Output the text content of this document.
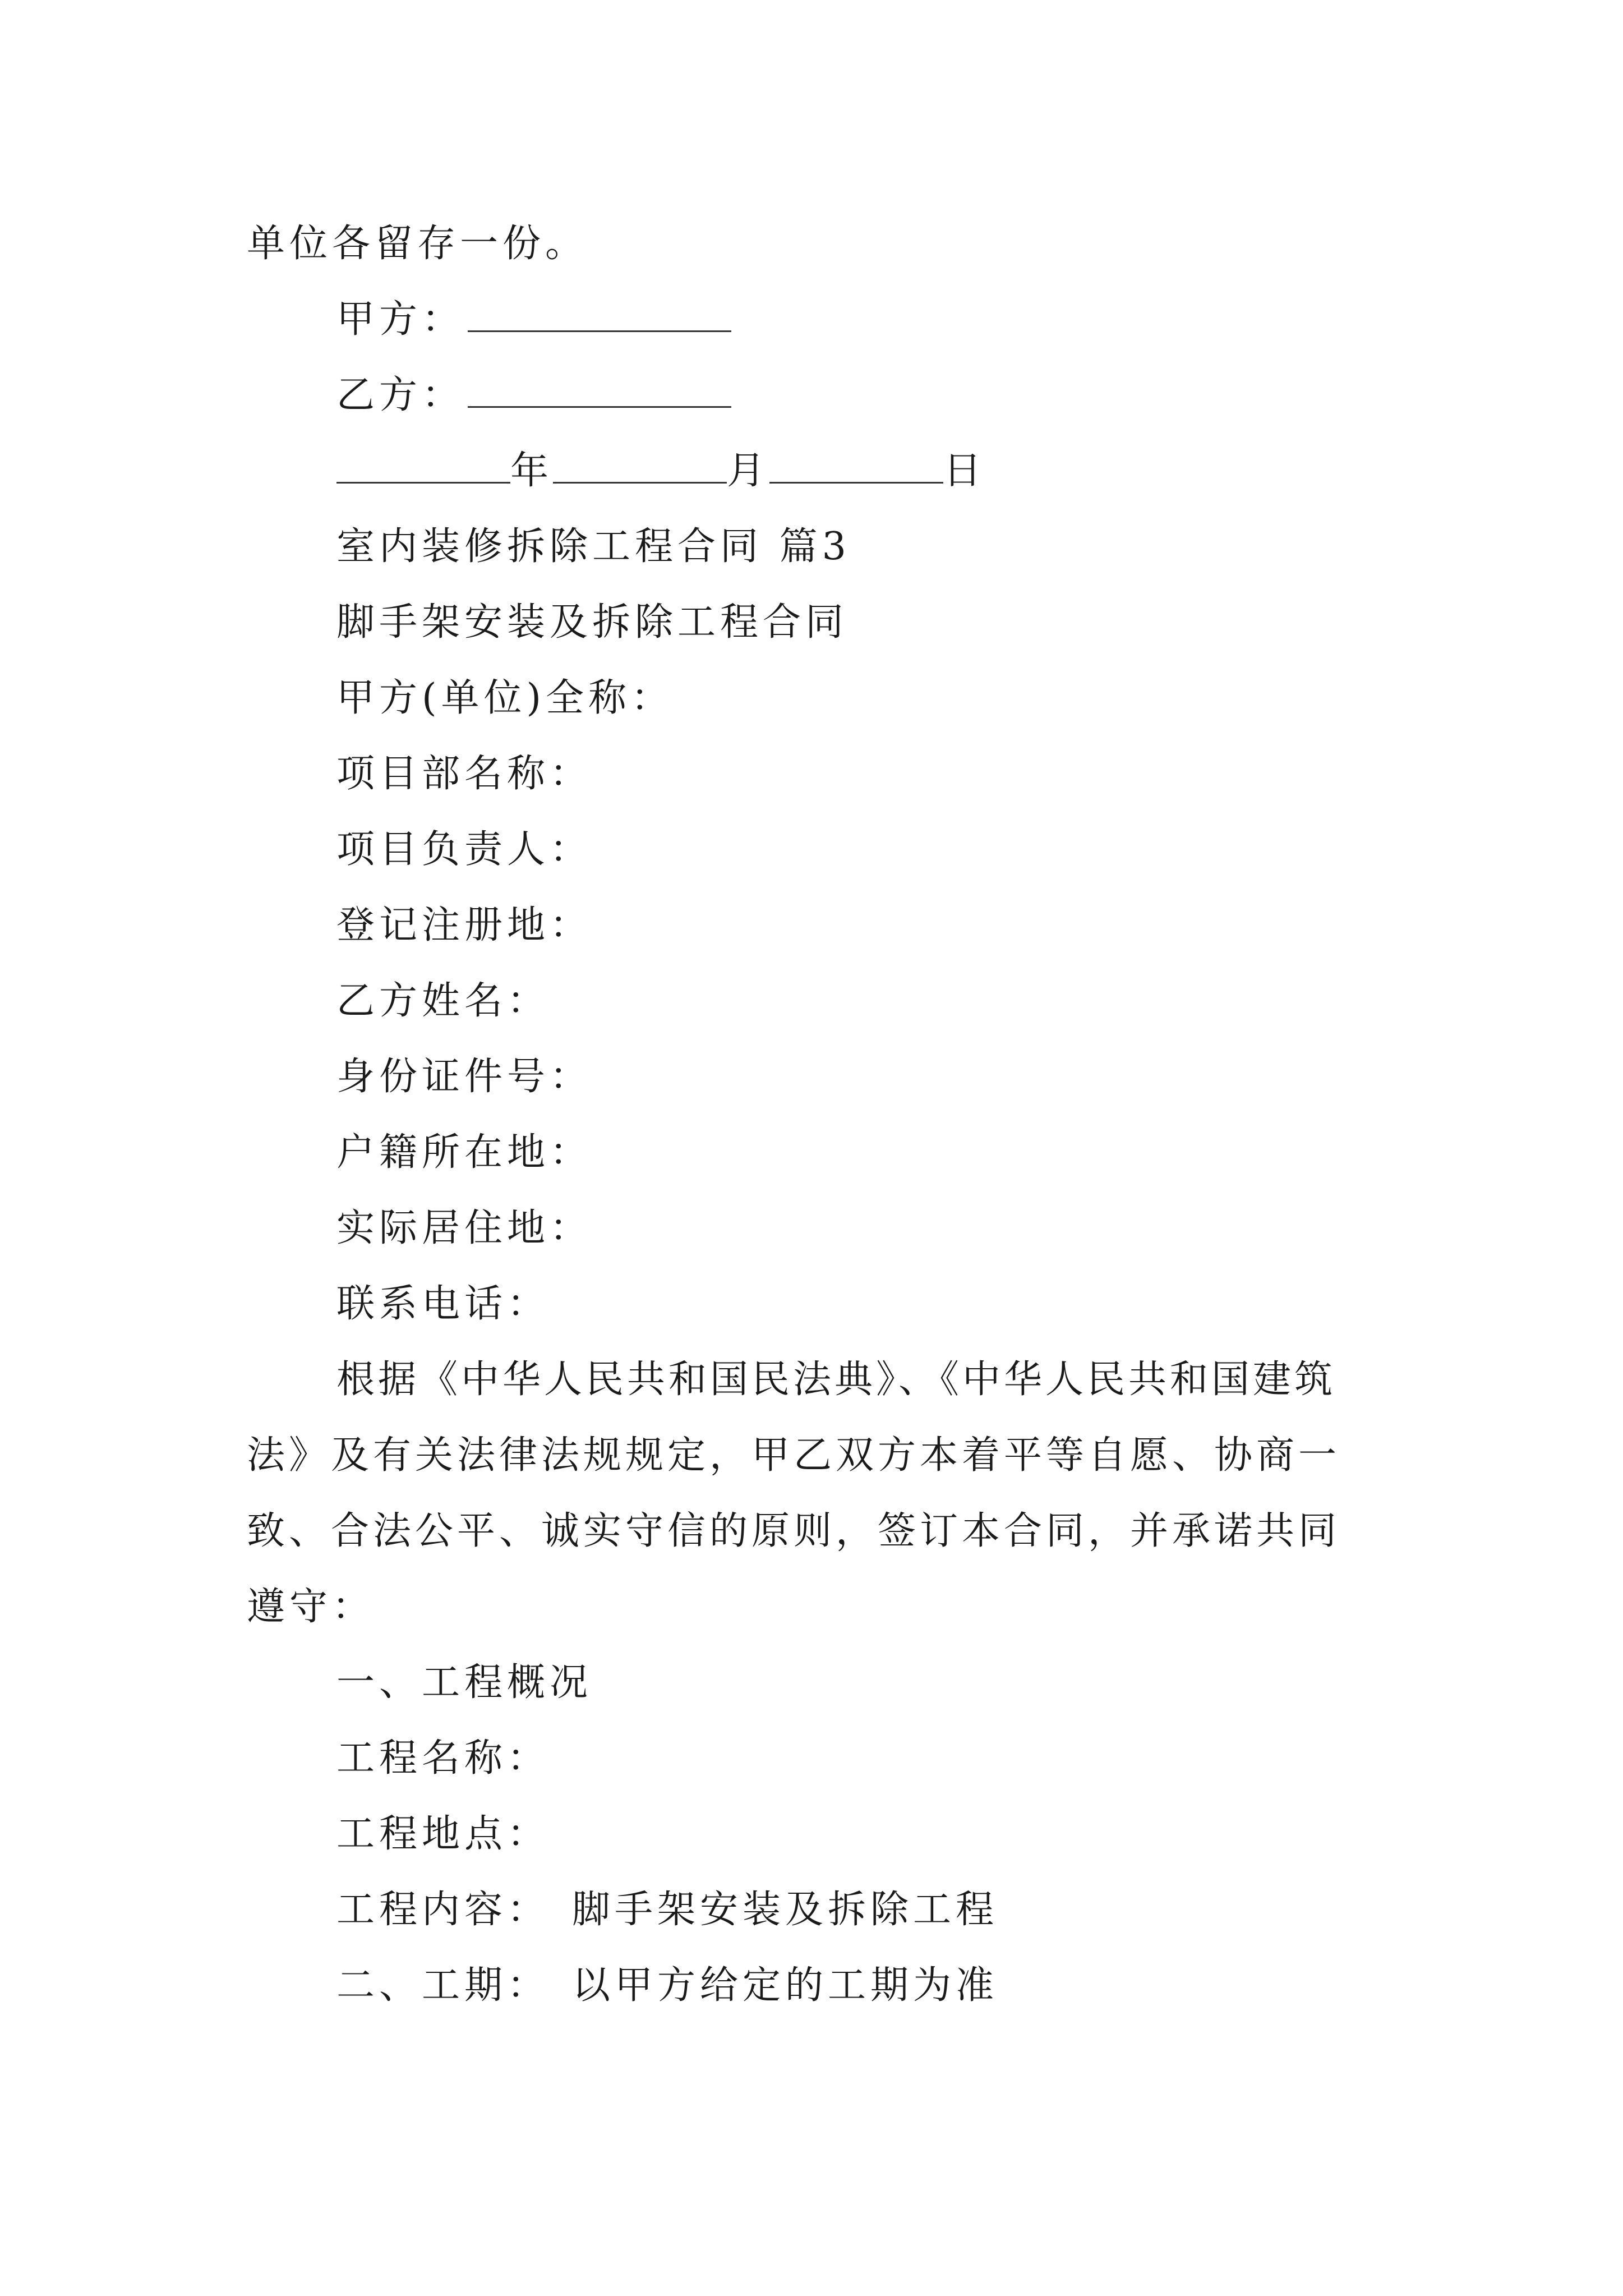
单位各留存一份。
甲方：
乙方：
年	月	日
室内装修拆除工程合同 篇3
脚手架安装及拆除工程合同
甲方(单位)全称：
项目部名称：
项目负责人：
登记注册地：
乙方姓名：
身份证件号：
户籍所在地：
实际居住地：
联系电话：
根据《中华人民共和国民法典》、《中华人民共和国建筑
法》及有关法律法规规定，甲乙双方本着平等自愿、协商一
致、合法公平、诚实守信的原则，签订本合同，并承诺共同
遵守：
一、工程概况
工程名称：
工程地点：
工程内容： 脚手架安装及拆除工程
二、工期： 以甲方给定的工期为准
